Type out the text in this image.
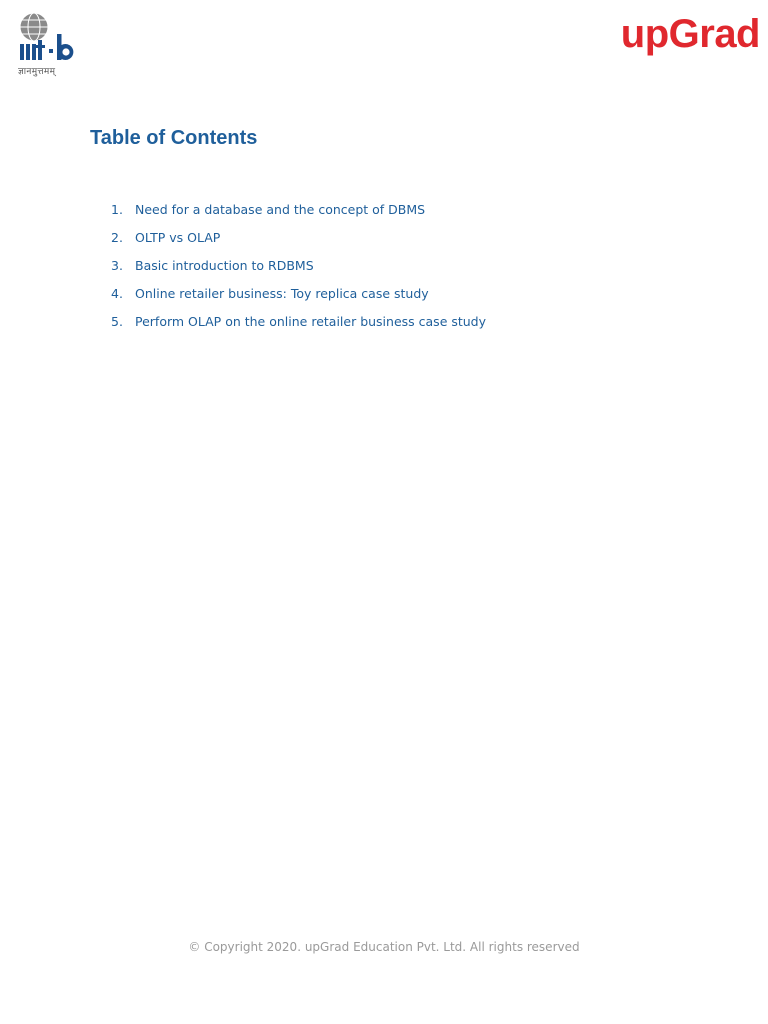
ज्ञानमुत्तमम्
upGrad
Table of Contents
1. Need for a database and the concept of DBMS
2. OLTP vs OLAP
3. Basic introduction to RDBMS
4. Online retailer business: Toy replica case study
5. Perform OLAP on the online retailer business case study
© Copyright 2020. upGrad Education Pvt. Ltd. All rights reserved
